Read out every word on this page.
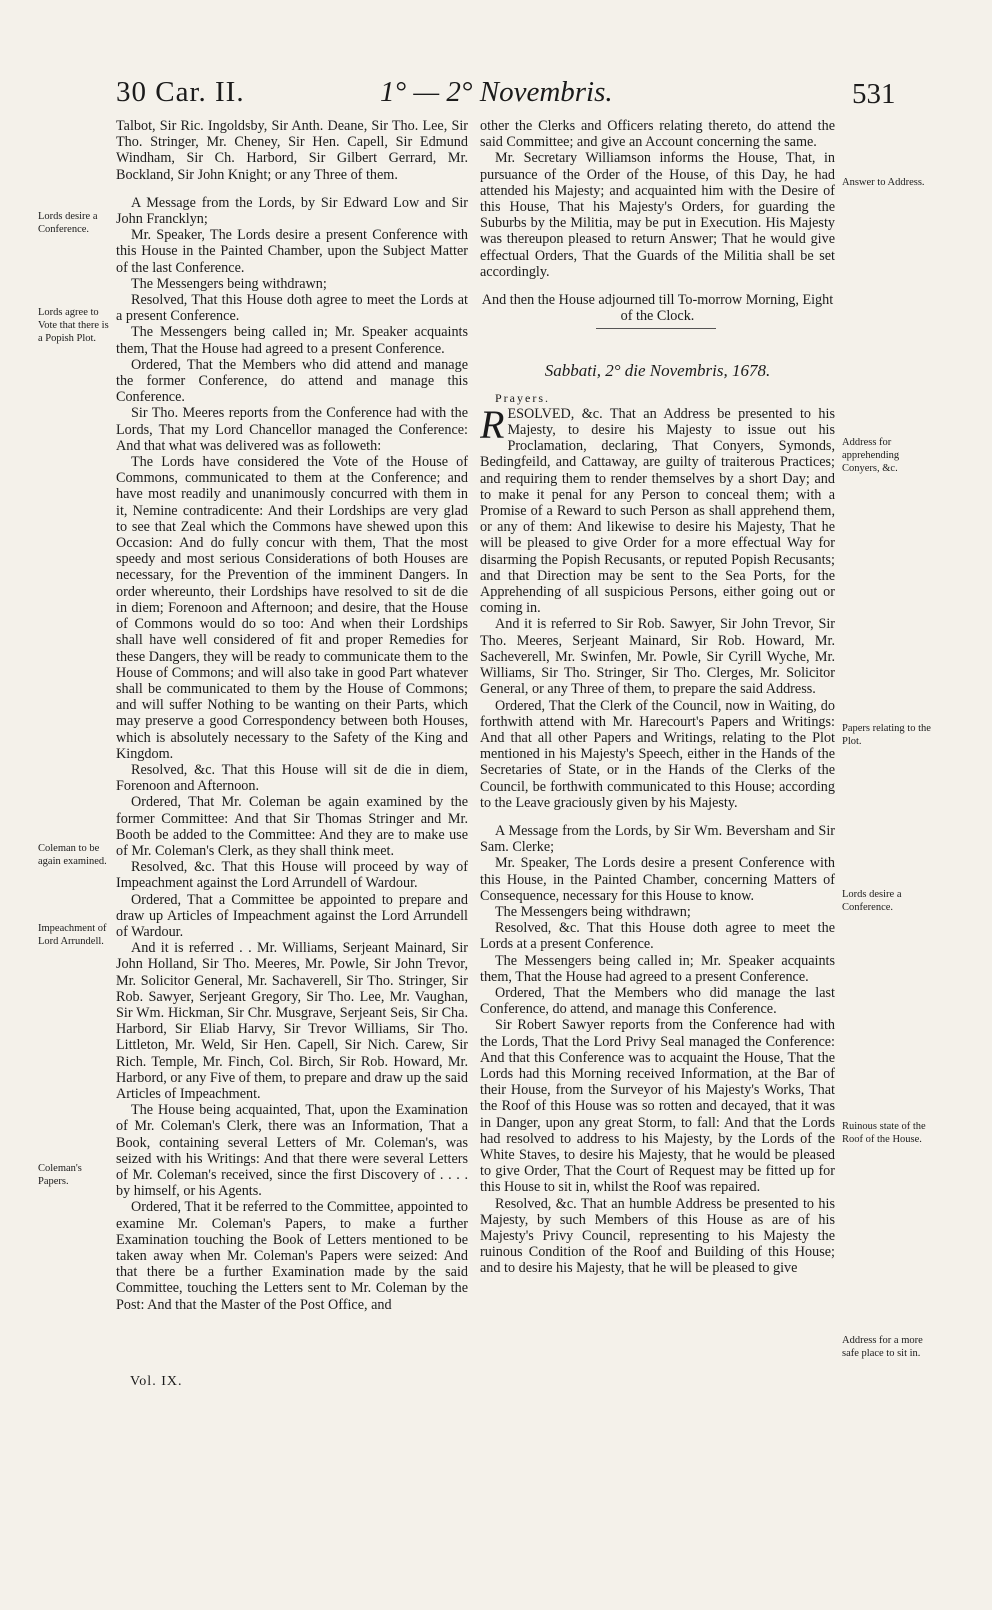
30 Car. II.	1° — 2° Novembris.	531
Lords desire a Conference.
Lords agree to Vote that there is a Popish Plot.
Coleman to be again examined.
Impeachment of Lord Arrundell.
Coleman's Papers.
Answer to Address.
Address for apprehending Conyers, &c.
Papers relating to the Plot.
Lords desire a Conference.
Ruinous state of the Roof of the House.
Address for a more safe place to sit in.

Talbot, Sir Ric. Ingoldsby, Sir Anth. Deane, Sir Tho. Lee, Sir Tho. Stringer, Mr. Cheney, Sir Hen. Capell, Sir Edmund Windham, Sir Ch. Harbord, Sir Gilbert Gerrard, Mr. Bockland, Sir John Knight; or any Three of them.

A Message from the Lords, by Sir Edward Low and Sir John Francklyn;

Mr. Speaker, The Lords desire a present Conference with this House in the Painted Chamber, upon the Subject Matter of the last Conference.

The Messengers being withdrawn;

Resolved, That this House doth agree to meet the Lords at a present Conference.

The Messengers being called in; Mr. Speaker acquaints them, That the House had agreed to a present Conference.

Ordered, That the Members who did attend and manage the former Conference, do attend and manage this Conference.

Sir Tho. Meeres reports from the Conference had with the Lords, That my Lord Chancellor managed the Conference: And that what was delivered was as followeth:

The Lords have considered the Vote of the House of Commons, communicated to them at the Conference; and have most readily and unanimously concurred with them in it, Nemine contradicente: And their Lordships are very glad to see that Zeal which the Commons have shewed upon this Occasion: And do fully concur with them, That the most speedy and most serious Considerations of both Houses are necessary, for the Prevention of the imminent Dangers. In order whereunto, their Lordships have resolved to sit de die in diem; Forenoon and Afternoon; and desire, that the House of Commons would do so too: And when their Lordships shall have well considered of fit and proper Remedies for these Dangers, they will be ready to communicate them to the House of Commons; and will also take in good Part whatever shall be communicated to them by the House of Commons; and will suffer Nothing to be wanting on their Parts, which may preserve a good Correspondency between both Houses, which is absolutely necessary to the Safety of the King and Kingdom.

Resolved, &c. That this House will sit de die in diem, Forenoon and Afternoon.

Ordered, That Mr. Coleman be again examined by the former Committee: And that Sir Thomas Stringer and Mr. Booth be added to the Committee: And they are to make use of Mr. Coleman's Clerk, as they shall think meet.

Resolved, &c. That this House will proceed by way of Impeachment against the Lord Arrundell of Wardour.

Ordered, That a Committee be appointed to prepare and draw up Articles of Impeachment against the Lord Arrundell of Wardour.

And it is referred . . Mr. Williams, Serjeant Mainard, Sir John Holland, Sir Tho. Meeres, Mr. Powle, Sir John Trevor, Mr. Solicitor General, Mr. Sachaverell, Sir Tho. Stringer, Sir Rob. Sawyer, Serjeant Gregory, Sir Tho. Lee, Mr. Vaughan, Sir Wm. Hickman, Sir Chr. Musgrave, Serjeant Seis, Sir Cha. Harbord, Sir Eliab Harvy, Sir Trevor Williams, Sir Tho. Littleton, Mr. Weld, Sir Hen. Capell, Sir Nich. Carew, Sir Rich. Temple, Mr. Finch, Col. Birch, Sir Rob. Howard, Mr. Harbord, or any Five of them, to prepare and draw up the said Articles of Impeachment.

The House being acquainted, That, upon the Examination of Mr. Coleman's Clerk, there was an Information, That a Book, containing several Letters of Mr. Coleman's, was seized with his Writings: And that there were several Letters of Mr. Coleman's received, since the first Discovery of . . . . by himself, or his Agents.

Ordered, That it be referred to the Committee, appointed to examine Mr. Coleman's Papers, to make a further Examination touching the Book of Letters mentioned to be taken away when Mr. Coleman's Papers were seized: And that there be a further Examination made by the said Committee, touching the Letters sent to Mr. Coleman by the Post: And that the Master of the Post Office, and

Vol. IX.

other the Clerks and Officers relating thereto, do attend the said Committee; and give an Account concerning the same.

Mr. Secretary Williamson informs the House, That, in pursuance of the Order of the House, of this Day, he had attended his Majesty; and acquainted him with the Desire of this House, That his Majesty's Orders, for guarding the Suburbs by the Militia, may be put in Execution. His Majesty was thereupon pleased to return Answer; That he would give effectual Orders, That the Guards of the Militia shall be set accordingly.

And then the House adjourned till To-morrow Morning, Eight of the Clock.

Sabbati, 2° die Novembris, 1678.

Prayers.

RESOLVED, &c. That an Address be presented to his Majesty, to desire his Majesty to issue out his Proclamation, declaring, That Conyers, Symonds, Bedingfeild, and Cattaway, are guilty of traiterous Practices; and requiring them to render themselves by a short Day; and to make it penal for any Person to conceal them; with a Promise of a Reward to such Person as shall apprehend them, or any of them: And likewise to desire his Majesty, That he will be pleased to give Order for a more effectual Way for disarming the Popish Recusants, or reputed Popish Recusants; and that Direction may be sent to the Sea Ports, for the Apprehending of all suspicious Persons, either going out or coming in.

And it is referred to Sir Rob. Sawyer, Sir John Trevor, Sir Tho. Meeres, Serjeant Mainard, Sir Rob. Howard, Mr. Sacheverell, Mr. Swinfen, Mr. Powle, Sir Cyrill Wyche, Mr. Williams, Sir Tho. Stringer, Sir Tho. Clerges, Mr. Solicitor General, or any Three of them, to prepare the said Address.

Ordered, That the Clerk of the Council, now in Waiting, do forthwith attend with Mr. Harecourt's Papers and Writings: And that all other Papers and Writings, relating to the Plot mentioned in his Majesty's Speech, either in the Hands of the Secretaries of State, or in the Hands of the Clerks of the Council, be forthwith communicated to this House; according to the Leave graciously given by his Majesty.

A Message from the Lords, by Sir Wm. Beversham and Sir Sam. Clerke;

Mr. Speaker, The Lords desire a present Conference with this House, in the Painted Chamber, concerning Matters of Consequence, necessary for this House to know.

The Messengers being withdrawn;

Resolved, &c. That this House doth agree to meet the Lords at a present Conference.

The Messengers being called in; Mr. Speaker acquaints them, That the House had agreed to a present Conference.

Ordered, That the Members who did manage the last Conference, do attend, and manage this Conference.

Sir Robert Sawyer reports from the Conference had with the Lords, That the Lord Privy Seal managed the Conference: And that this Conference was to acquaint the House, That the Lords had this Morning received Information, at the Bar of their House, from the Surveyor of his Majesty's Works, That the Roof of this House was so rotten and decayed, that it was in Danger, upon any great Storm, to fall: And that the Lords had resolved to address to his Majesty, by the Lords of the White Staves, to desire his Majesty, that he would be pleased to give Order, That the Court of Request may be fitted up for this House to sit in, whilst the Roof was repaired.

Resolved, &c. That an humble Address be presented to his Majesty, by such Members of this House as are of his Majesty's Privy Council, representing to his Majesty the ruinous Condition of the Roof and Building of this House; and to desire his Majesty, that he will be pleased to give
